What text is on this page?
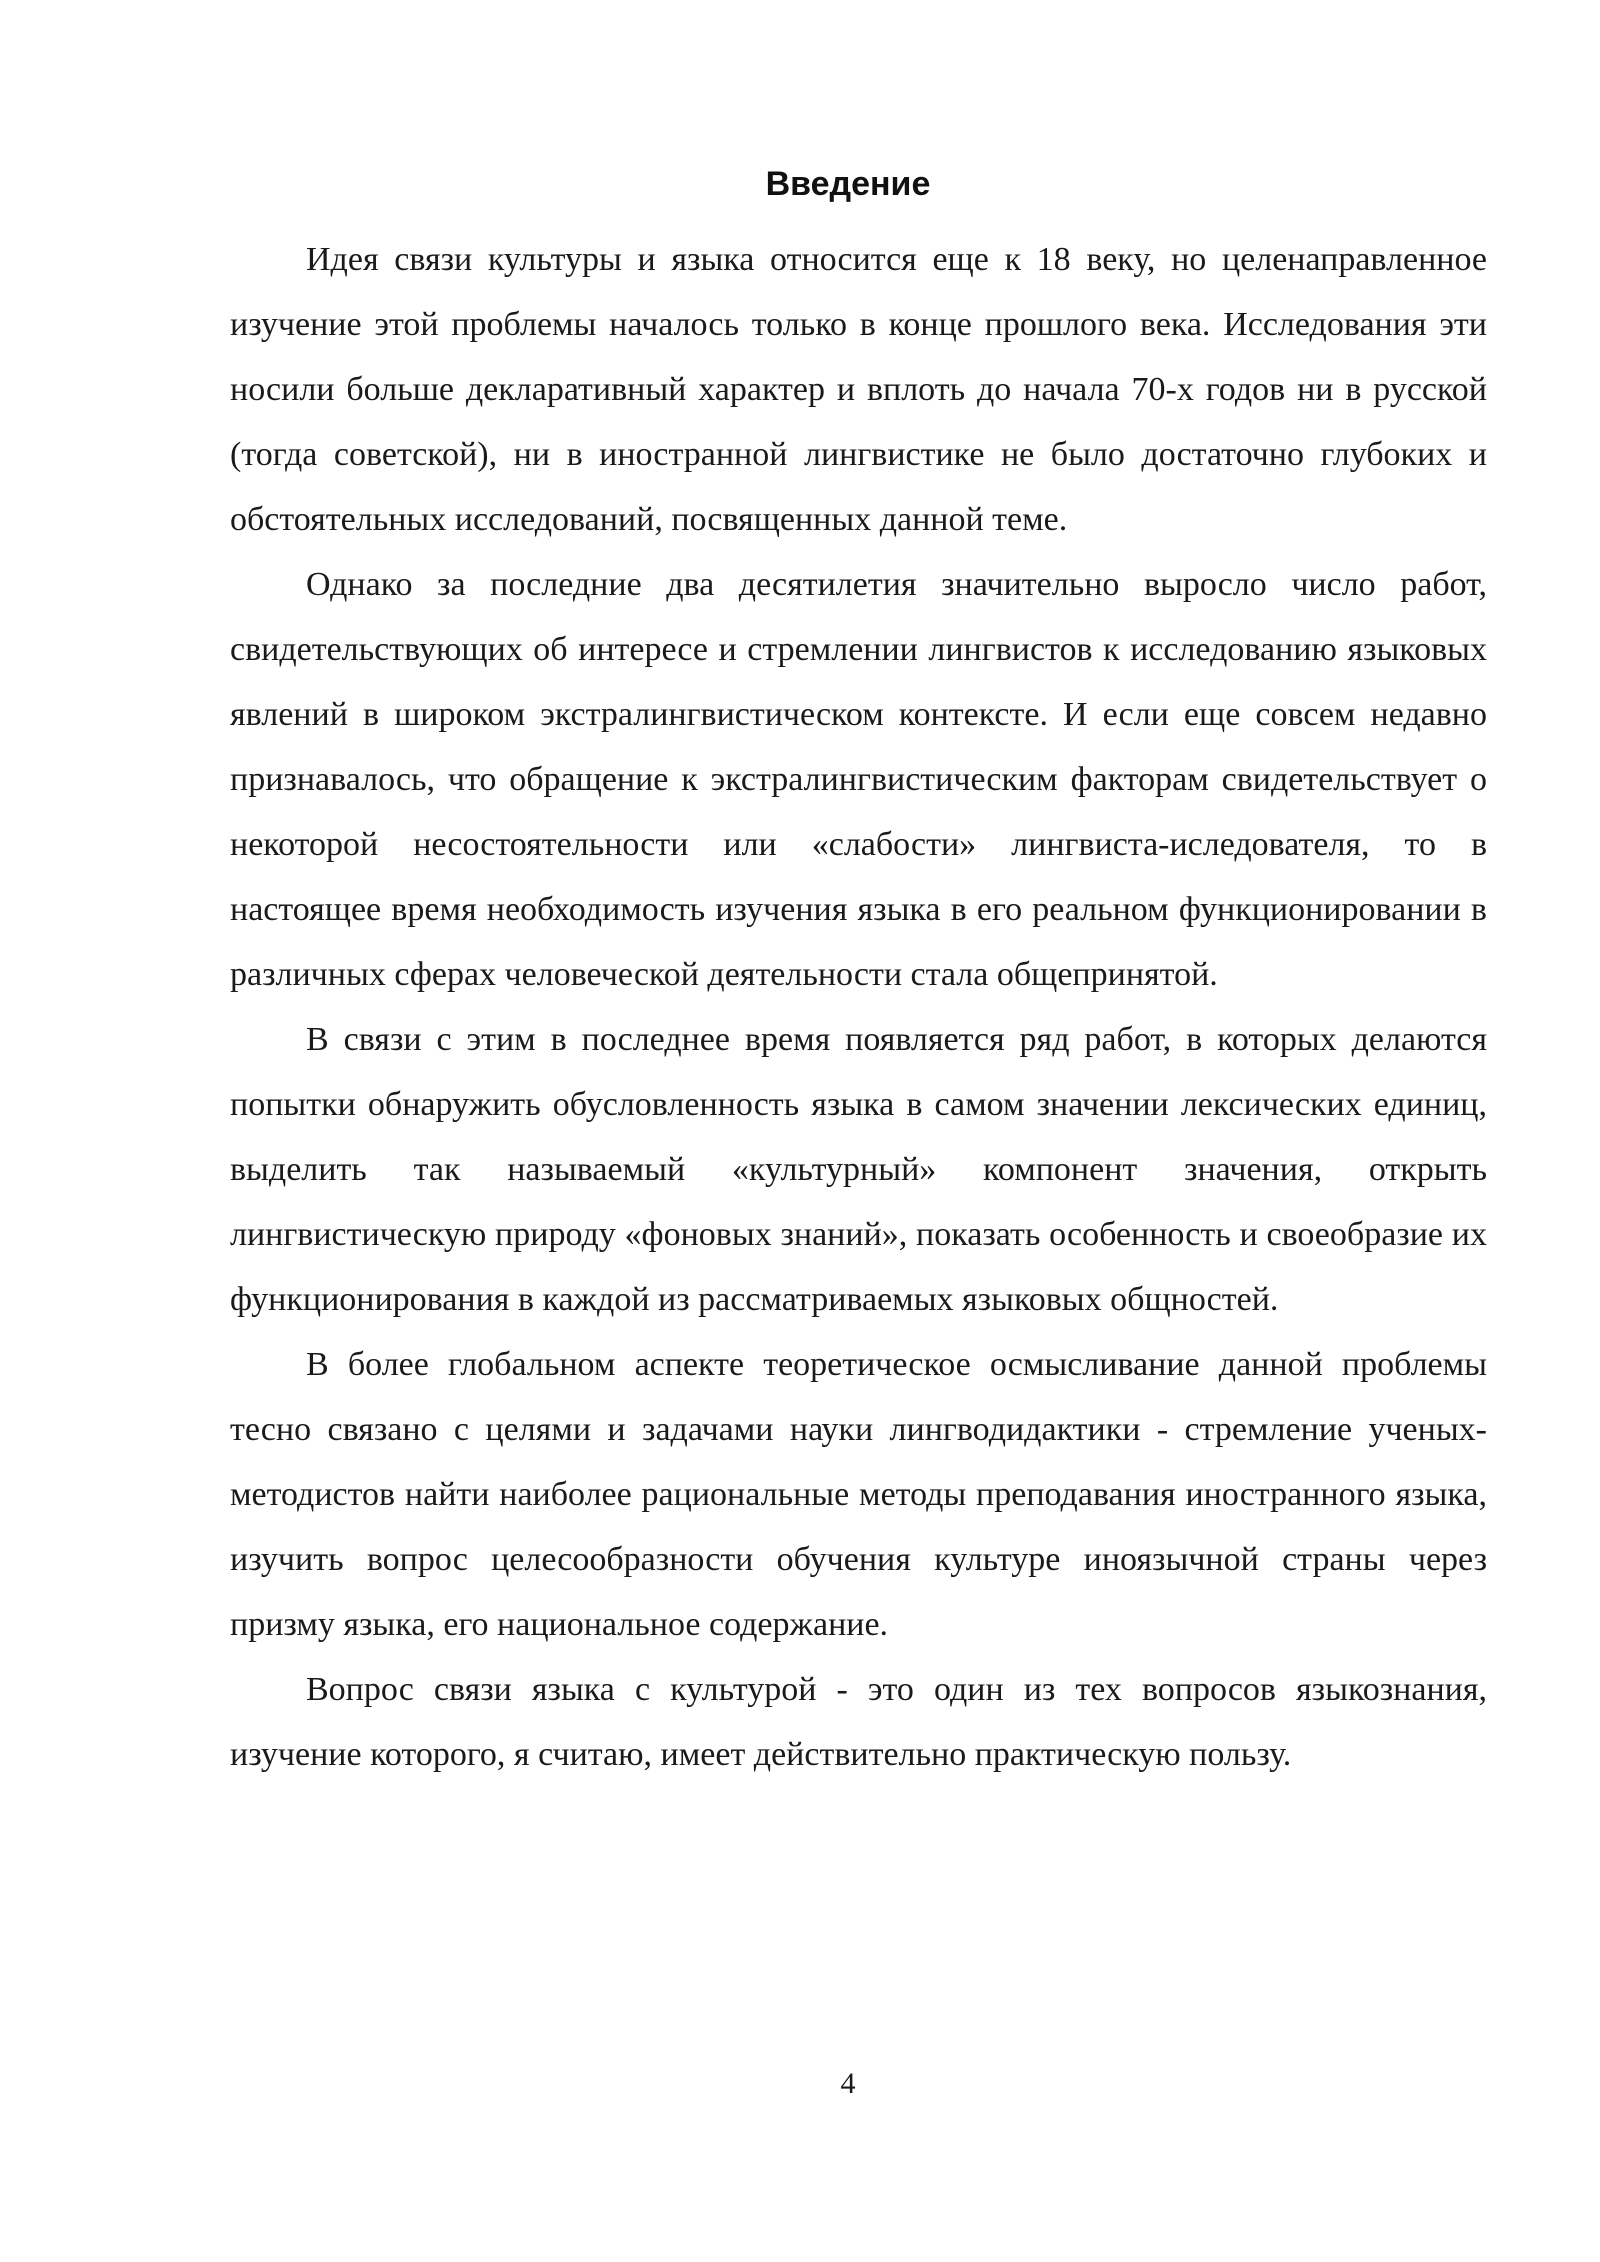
Введение

Идея связи культуры и языка относится еще к 18 веку, но целенаправленное изучение этой проблемы началось только в конце прошлого века. Исследования эти носили больше декларативный характер и вплоть до начала 70-х годов ни в русской (тогда советской), ни в иностранной лингвистике не было достаточно глубоких и обстоятельных исследований, посвященных данной теме.

Однако за последние два десятилетия значительно выросло число работ, свидетельствующих об интересе и стремлении лингвистов к исследованию языковых явлений в широком экстралингвистическом контексте. И если еще совсем недавно признавалось, что обращение к экстралингвистическим факторам свидетельствует о некоторой несостоятельности или «слабости» лингвиста-иследователя, то в настоящее время необходимость изучения языка в его реальном функционировании в различных сферах человеческой деятельности стала общепринятой.

В связи с этим в последнее время появляется ряд работ, в которых делаются попытки обнаружить обусловленность языка в самом значении лексических единиц, выделить так называемый «культурный» компонент значения, открыть лингвистическую природу «фоновых знаний», показать особенность и своеобразие их функционирования в каждой из рассматриваемых языковых общностей.

В более глобальном аспекте теоретическое осмысливание данной проблемы тесно связано с целями и задачами науки лингводидактики - стремление ученых-методистов найти наиболее рациональные методы преподавания иностранного языка, изучить вопрос целесообразности обучения культуре иноязычной страны через призму языка, его национальное содержание.

Вопрос связи языка с культурой - это один из тех вопросов языкознания, изучение которого, я считаю, имеет действительно практическую пользу.

4
